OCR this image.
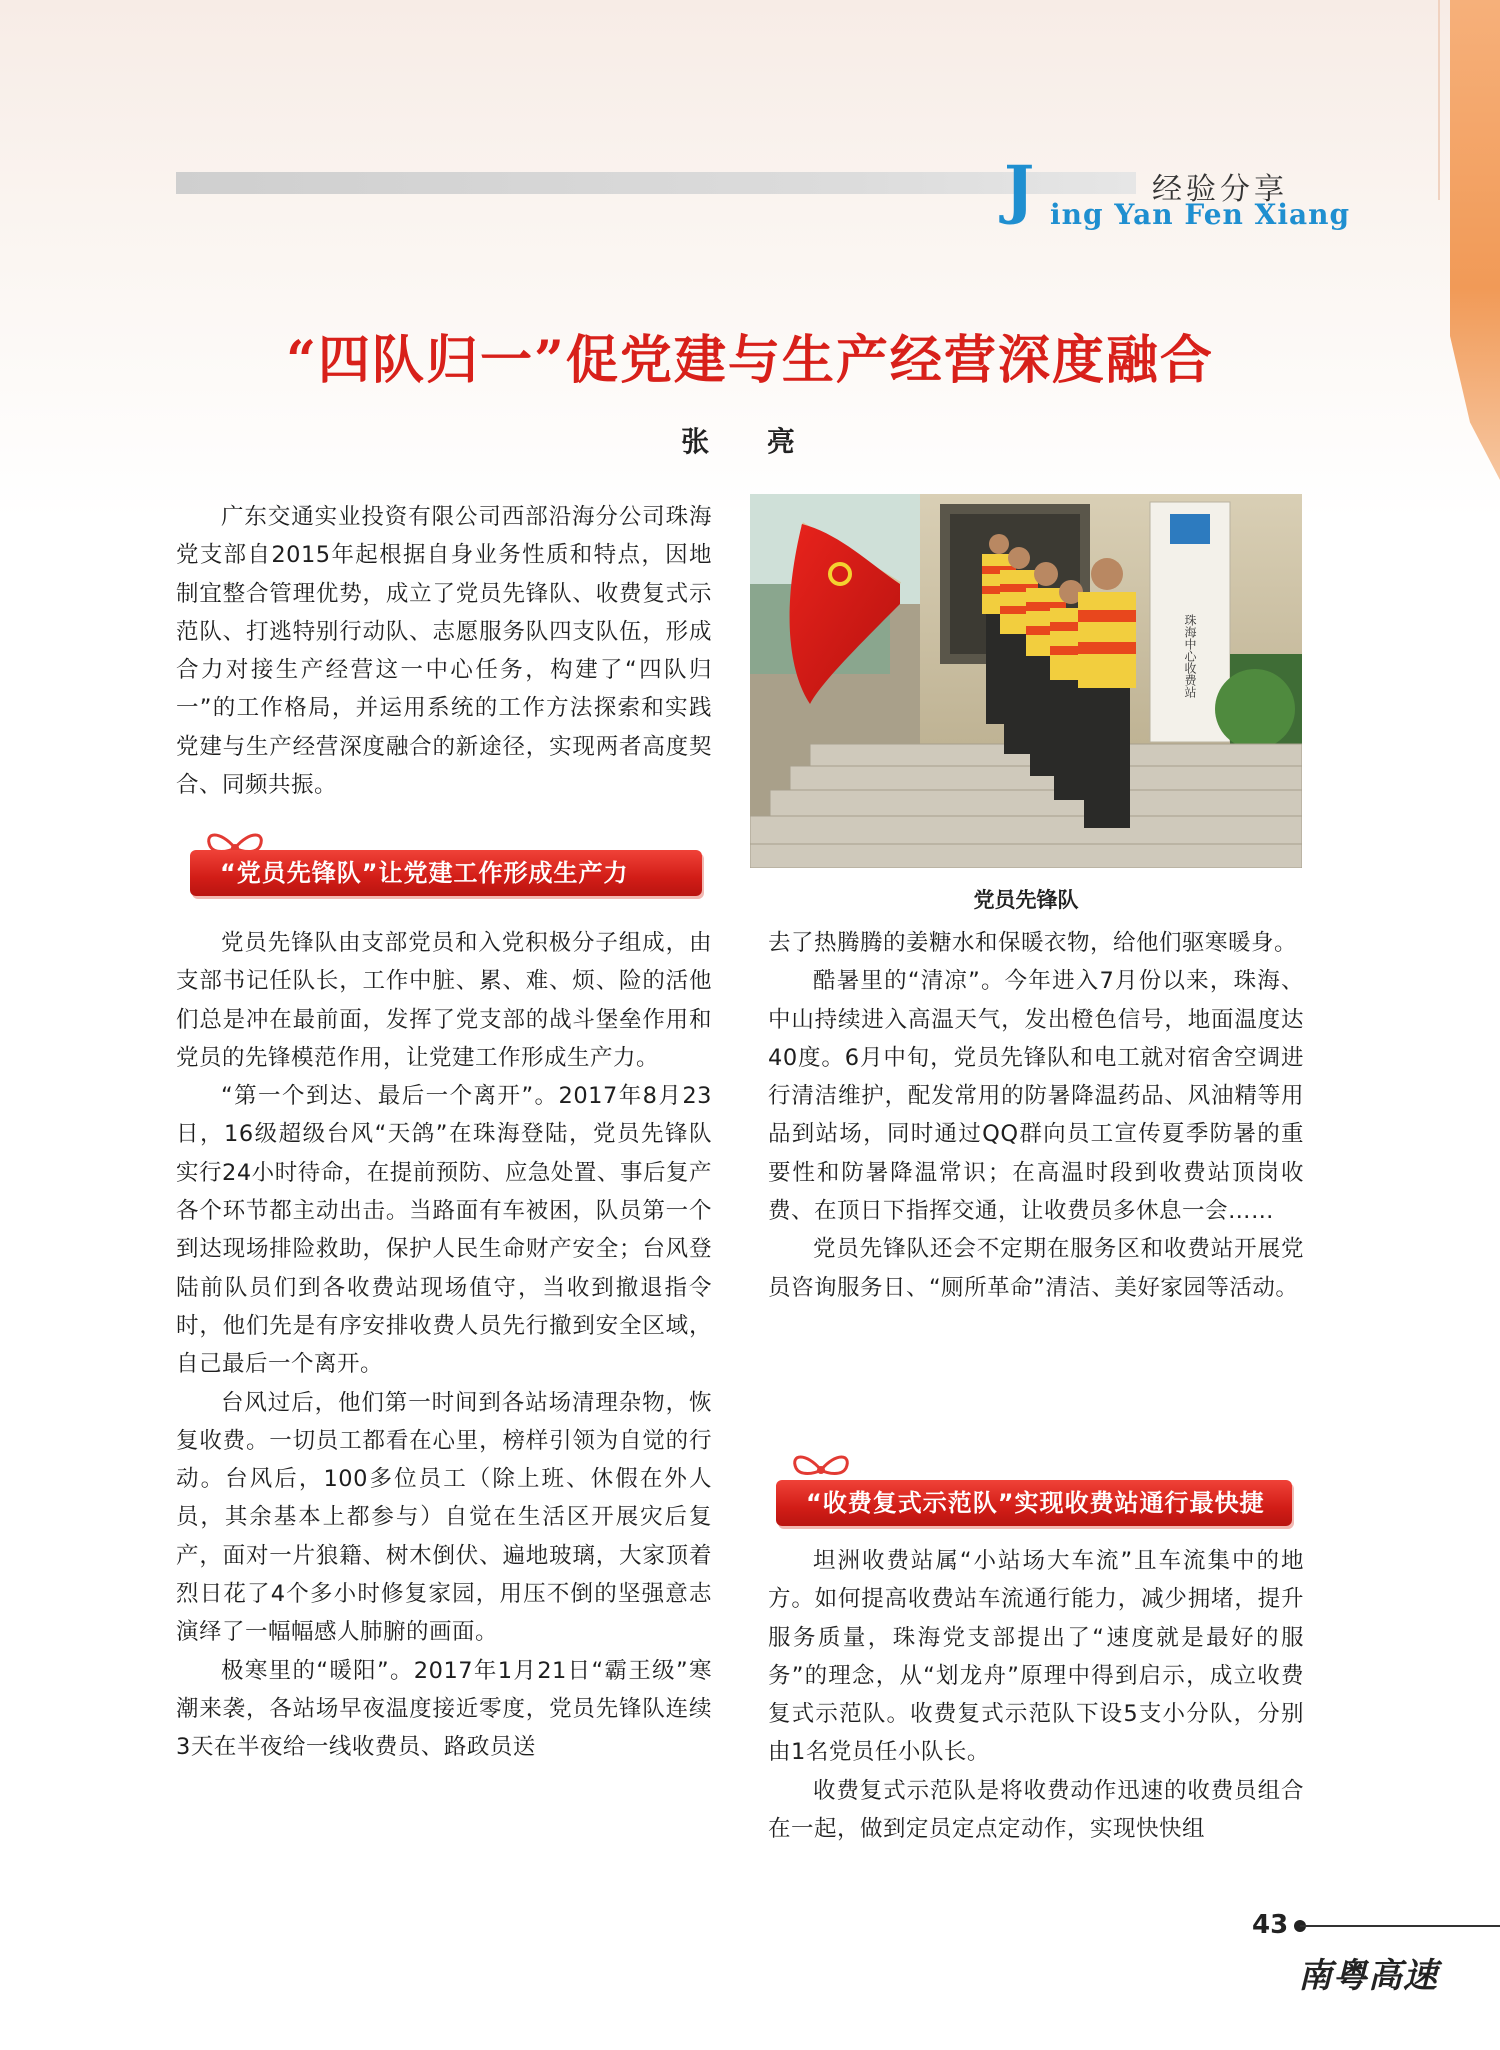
J	经验分享
ing Yan Fen Xiang
“四队归一”促党建与生产经营深度融合
张 亮

广东交通实业投资有限公司西部沿海分公司珠海党支部自2015年起根据自身业务性质和特点，因地制宜整合管理优势，成立了党员先锋队、收费复式示范队、打逃特别行动队、志愿服务队四支队伍，形成合力对接生产经营这一中心任务，构建了“四队归一”的工作格局，并运用系统的工作方法探索和实践党建与生产经营深度融合的新途径，实现两者高度契合、同频共振。

“党员先锋队”让党建工作形成生产力

党员先锋队由支部党员和入党积极分子组成，由支部书记任队长，工作中脏、累、难、烦、险的活他们总是冲在最前面，发挥了党支部的战斗堡垒作用和党员的先锋模范作用，让党建工作形成生产力。

“第一个到达、最后一个离开”。2017年8月23日，16级超级台风“天鸽”在珠海登陆，党员先锋队实行24小时待命，在提前预防、应急处置、事后复产各个环节都主动出击。当路面有车被困，队员第一个到达现场排险救助，保护人民生命财产安全；台风登陆前队员们到各收费站现场值守，当收到撤退指令时，他们先是有序安排收费人员先行撤到安全区域，自己最后一个离开。

台风过后，他们第一时间到各站场清理杂物，恢复收费。一切员工都看在心里，榜样引领为自觉的行动。台风后，100多位员工（除上班、休假在外人员，其余基本上都参与）自觉在生活区开展灾后复产，面对一片狼籍、树木倒伏、遍地玻璃，大家顶着烈日花了4个多小时修复家园，用压不倒的坚强意志演绎了一幅幅感人肺腑的画面。

极寒里的“暖阳”。2017年1月21日“霸王级”寒潮来袭，各站场早夜温度接近零度，党员先锋队连续3天在半夜给一线收费员、路政员送

珠海中心收费站
党员先锋队

去了热腾腾的姜糖水和保暖衣物，给他们驱寒暖身。

酷暑里的“清凉”。今年进入7月份以来，珠海、中山持续进入高温天气，发出橙色信号，地面温度达40度。6月中旬，党员先锋队和电工就对宿舍空调进行清洁维护，配发常用的防暑降温药品、风油精等用品到站场，同时通过QQ群向员工宣传夏季防暑的重要性和防暑降温常识；在高温时段到收费站顶岗收费、在顶日下指挥交通，让收费员多休息一会……

党员先锋队还会不定期在服务区和收费站开展党员咨询服务日、“厕所革命”清洁、美好家园等活动。

“收费复式示范队”实现收费站通行最快捷

坦洲收费站属“小站场大车流”且车流集中的地方。如何提高收费站车流通行能力，减少拥堵，提升服务质量，珠海党支部提出了“速度就是最好的服务”的理念，从“划龙舟”原理中得到启示，成立收费复式示范队。收费复式示范队下设5支小分队，分别由1名党员任小队长。

收费复式示范队是将收费动作迅速的收费员组合在一起，做到定员定点定动作，实现快快组

43
南粤高速
